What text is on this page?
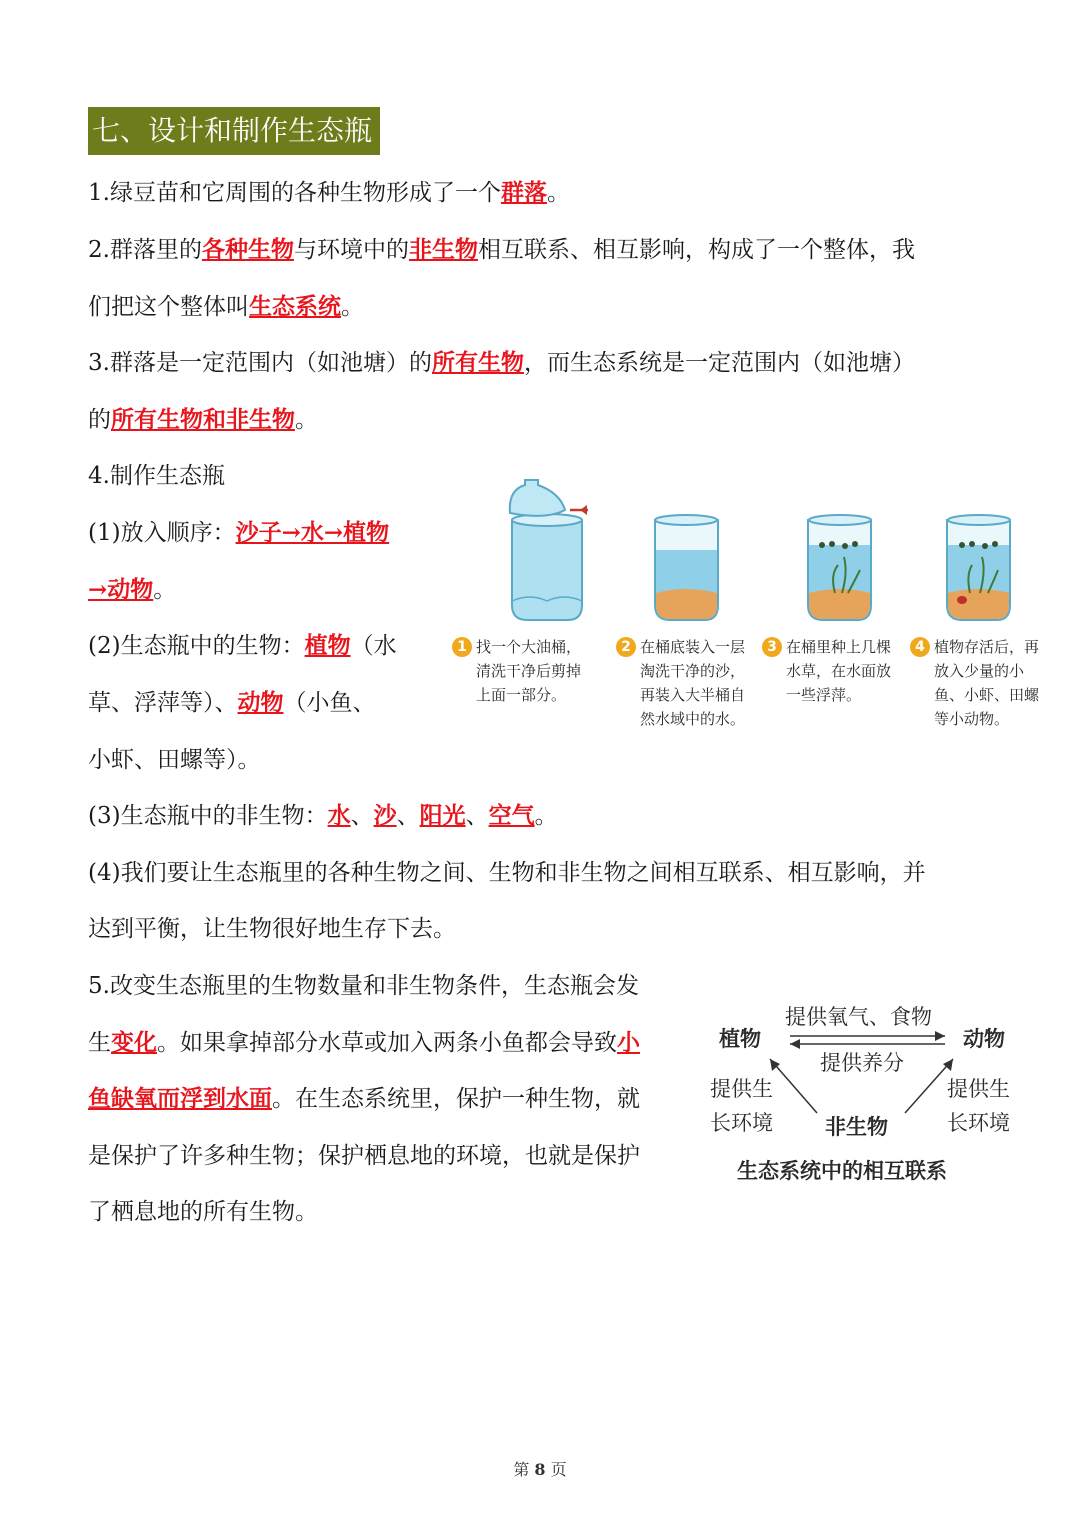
七、设计和制作生态瓶
1.绿豆苗和它周围的各种生物形成了一个群落。
2.群落里的各种生物与环境中的非生物相互联系、相互影响，构成了一个整体，我
们把这个整体叫生态系统。
3.群落是一定范围内（如池塘）的所有生物，而生态系统是一定范围内（如池塘）
的所有生物和非生物。
4.制作生态瓶
(1)放入顺序：沙子→水→植物
→动物。
(2)生态瓶中的生物：植物（水
草、浮萍等）、动物（小鱼、
小虾、田螺等）。
(3)生态瓶中的非生物：水、沙、阳光、空气。
(4)我们要让生态瓶里的各种生物之间、生物和非生物之间相互联系、相互影响，并
达到平衡，让生物很好地生存下去。
5.改变生态瓶里的生物数量和非生物条件，生态瓶会发
生变化。如果拿掉部分水草或加入两条小鱼都会导致小
鱼缺氧而浮到水面。在生态系统里，保护一种生物，就
是保护了许多种生物；保护栖息地的环境，也就是保护
了栖息地的所有生物。
1 找一个大油桶，
清洗干净后剪掉
上面一部分。
2 在桶底装入一层
淘洗干净的沙，
再装入大半桶自
然水域中的水。
3 在桶里种上几棵
水草，在水面放
一些浮萍。
4 植物存活后，再
放入少量的小
鱼、小虾、田螺
等小动物。
提供氧气、食物
植物	动物
提供养分
提供生
长环境
提供生
长环境
非生物
生态系统中的相互联系
第 8 页
